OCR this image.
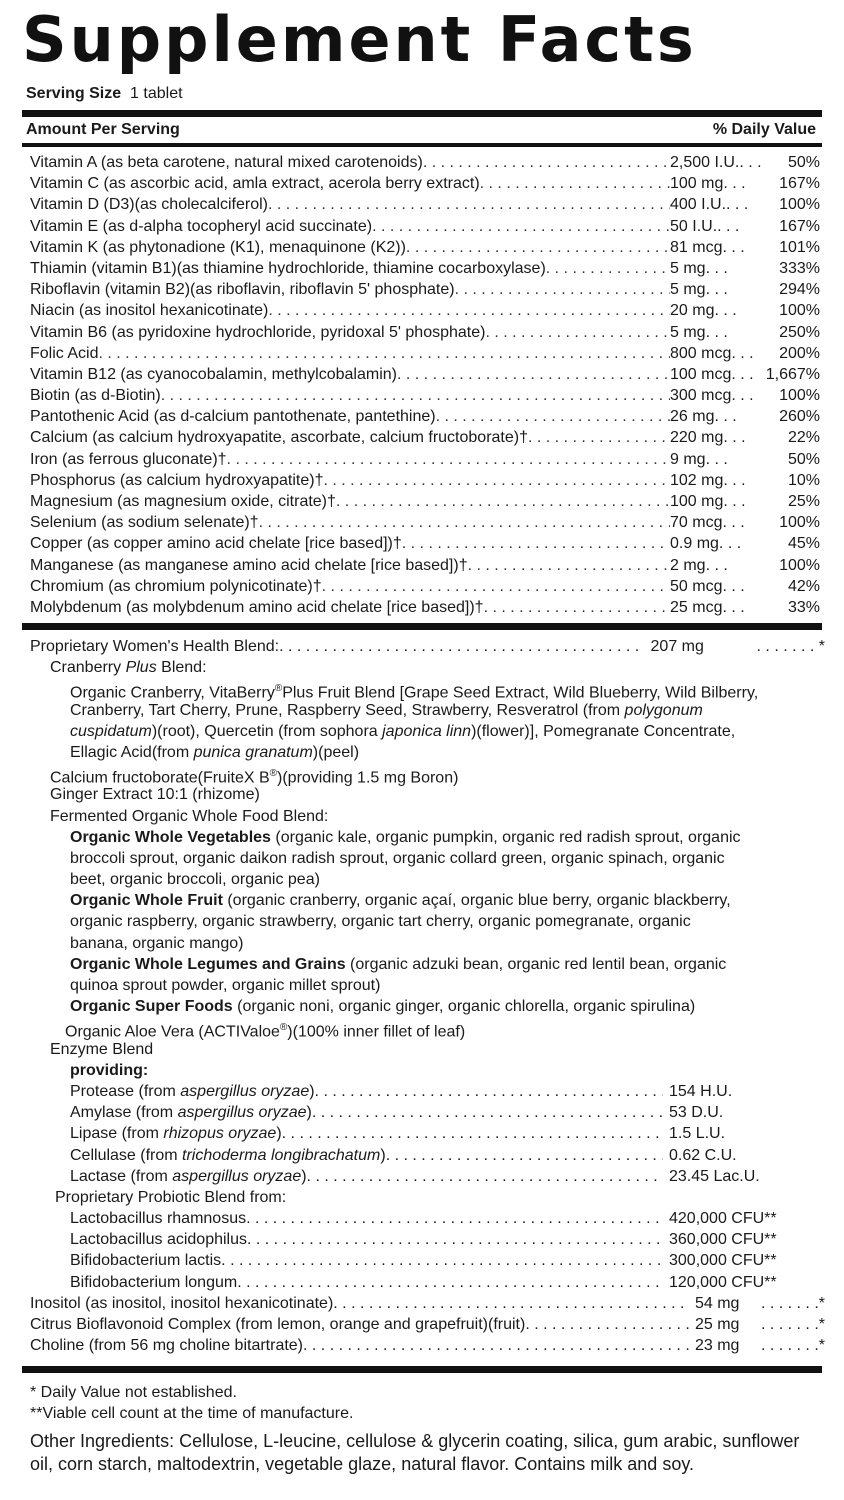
Supplement Facts
Serving Size 1 tablet
Amount Per Serving	% Daily Value
Vitamin A (as beta carotene, natural mixed carotenoids) . . .	2,500 I.U. . . .	50%
Vitamin C (as ascorbic acid, amla extract, acerola berry extract) . . .	100 mg . . .	167%
Vitamin D (D3)(as cholecalciferol) . . .	400 I.U. . . .	100%
Vitamin E (as d-alpha tocopheryl acid succinate) . . .	50 I.U. . . .	167%
Vitamin K (as phytonadione (K1), menaquinone (K2)) . . .	81 mcg . . .	101%
Thiamin (vitamin B1)(as thiamine hydrochloride, thiamine cocarboxylase) . . .	5 mg . . .	333%
Riboflavin (vitamin B2)(as riboflavin, riboflavin 5' phosphate) . . .	5 mg . . .	294%
Niacin (as inositol hexanicotinate) . . .	20 mg . . .	100%
Vitamin B6 (as pyridoxine hydrochloride, pyridoxal 5' phosphate) . . .	5 mg . . .	250%
Folic Acid . . .	800 mcg . . .	200%
Vitamin B12 (as cyanocobalamin, methylcobalamin) . . .	100 mcg . . . 1,667%
Biotin (as d-Biotin) . . .	300 mcg . . .	100%
Pantothenic Acid (as d-calcium pantothenate, pantethine) . . .	26 mg . . .	260%
Calcium (as calcium hydroxyapatite, ascorbate, calcium fructoborate)† . . .	220 mg . . .	22%
Iron (as ferrous gluconate)† . . .	9 mg . . .	50%
Phosphorus (as calcium hydroxyapatite)† . . .	102 mg . . .	10%
Magnesium (as magnesium oxide, citrate)† . . .	100 mg . . .	25%
Selenium (as sodium selenate)† . . .	70 mcg . . .	100%
Copper (as copper amino acid chelate [rice based])† . . .	0.9 mg . . .	45%
Manganese (as manganese amino acid chelate [rice based])† . . .	2 mg . . .	100%
Chromium (as chromium polynicotinate)† . . .	50 mcg . . .	42%
Molybdenum (as molybdenum amino acid chelate [rice based])† . . .	25 mcg . . .	33%
Proprietary Women's Health Blend: . . .	207 mg	. . . . . . . *
Cranberry Plus Blend:
Organic Cranberry, VitaBerry®Plus Fruit Blend [Grape Seed Extract, Wild Blueberry, Wild Bilberry,
Cranberry, Tart Cherry, Prune, Raspberry Seed, Strawberry, Resveratrol (from polygonum
cuspidatum)(root), Quercetin (from sophora japonica linn)(flower)], Pomegranate Concentrate,
Ellagic Acid(from punica granatum)(peel)
Calcium fructoborate(FruiteX B®)(providing 1.5 mg Boron)
Ginger Extract 10:1 (rhizome)
Fermented Organic Whole Food Blend:
Organic Whole Vegetables (organic kale, organic pumpkin, organic red radish sprout, organic
broccoli sprout, organic daikon radish sprout, organic collard green, organic spinach, organic
beet, organic broccoli, organic pea)
Organic Whole Fruit (organic cranberry, organic açaí, organic blue berry, organic blackberry,
organic raspberry, organic strawberry, organic tart cherry, organic pomegranate, organic
banana, organic mango)
Organic Whole Legumes and Grains (organic adzuki bean, organic red lentil bean, organic
quinoa sprout powder, organic millet sprout)
Organic Super Foods (organic noni, organic ginger, organic chlorella, organic spirulina)
Organic Aloe Vera (ACTIValoe®)(100% inner fillet of leaf)
Enzyme Blend
providing:
Protease (from aspergillus oryzae) . . .	154 H.U.
Amylase (from aspergillus oryzae) . . .	53 D.U.
Lipase (from rhizopus oryzae) . . .	1.5 L.U.
Cellulase (from trichoderma longibrachatum) . . .	0.62 C.U.
Lactase (from aspergillus oryzae) . . .	23.45 Lac.U.
Proprietary Probiotic Blend from:
Lactobacillus rhamnosus . . .	420,000 CFU**
Lactobacillus acidophilus . . .	360,000 CFU**
Bifidobacterium lactis . . .	300,000 CFU**
Bifidobacterium longum . . .	120,000 CFU**
Inositol (as inositol, inositol hexanicotinate) . . .	54 mg	. . . . . . . *
Citrus Bioflavonoid Complex (from lemon, orange and grapefruit)(fruit) . . .	25 mg	. . . . . . . *
Choline (from 56 mg choline bitartrate) . . .	23 mg	. . . . . . . *
* Daily Value not established.
**Viable cell count at the time of manufacture.
Other Ingredients: Cellulose, L-leucine, cellulose & glycerin coating, silica, gum arabic, sunflower
oil, corn starch, maltodextrin, vegetable glaze, natural flavor. Contains milk and soy.
